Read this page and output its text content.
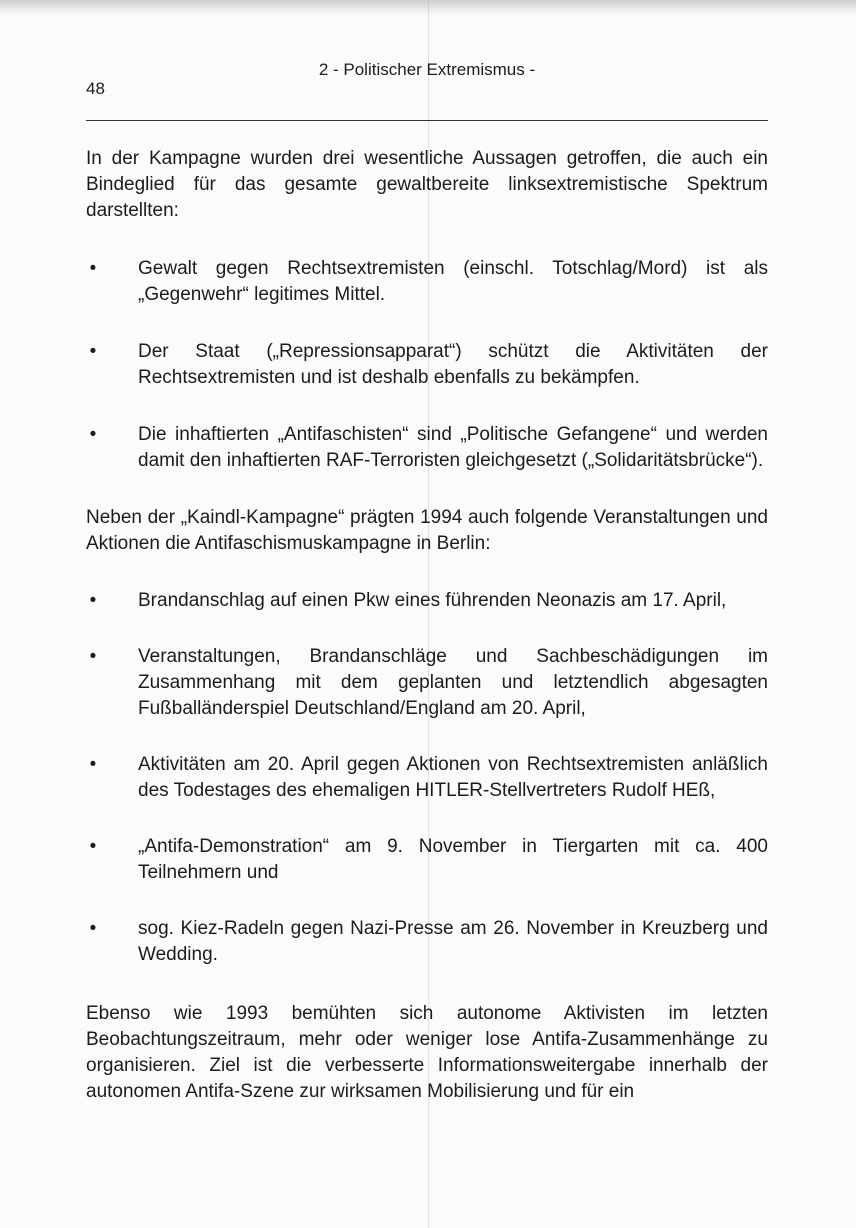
2 - Politischer Extremismus -

48

In der Kampagne wurden drei wesentliche Aussagen getroffen, die auch ein Bindeglied für das gesamte gewaltbereite linksextremistische Spektrum darstellten:

• Gewalt gegen Rechtsextremisten (einschl. Totschlag/Mord) ist als „Gegenwehr“ legitimes Mittel.
• Der Staat („Repressionsapparat“) schützt die Aktivitäten der Rechtsextremisten und ist deshalb ebenfalls zu bekämpfen.
• Die inhaftierten „Antifaschisten“ sind „Politische Gefangene“ und werden damit den inhaftierten RAF-Terroristen gleichgesetzt („Solidaritätsbrücke“).

Neben der „Kaindl-Kampagne“ prägten 1994 auch folgende Veranstaltungen und Aktionen die Antifaschismuskampagne in Berlin:

• Brandanschlag auf einen Pkw eines führenden Neonazis am 17. April,
• Veranstaltungen, Brandanschläge und Sachbeschädigungen im Zusammenhang mit dem geplanten und letztendlich abgesagten Fußballänderspiel Deutschland/England am 20. April,
• Aktivitäten am 20. April gegen Aktionen von Rechtsextremisten anläßlich des Todestages des ehemaligen HITLER-Stellvertreters Rudolf HEß,
• „Antifa-Demonstration“ am 9. November in Tiergarten mit ca. 400 Teilnehmern und
• sog. Kiez-Radeln gegen Nazi-Presse am 26. November in Kreuzberg und Wedding.

Ebenso wie 1993 bemühten sich autonome Aktivisten im letzten Beobachtungszeitraum, mehr oder weniger lose Antifa-Zusammenhänge zu organisieren. Ziel ist die verbesserte Informationsweitergabe innerhalb der autonomen Antifa-Szene zur wirksamen Mobilisierung und für ein
